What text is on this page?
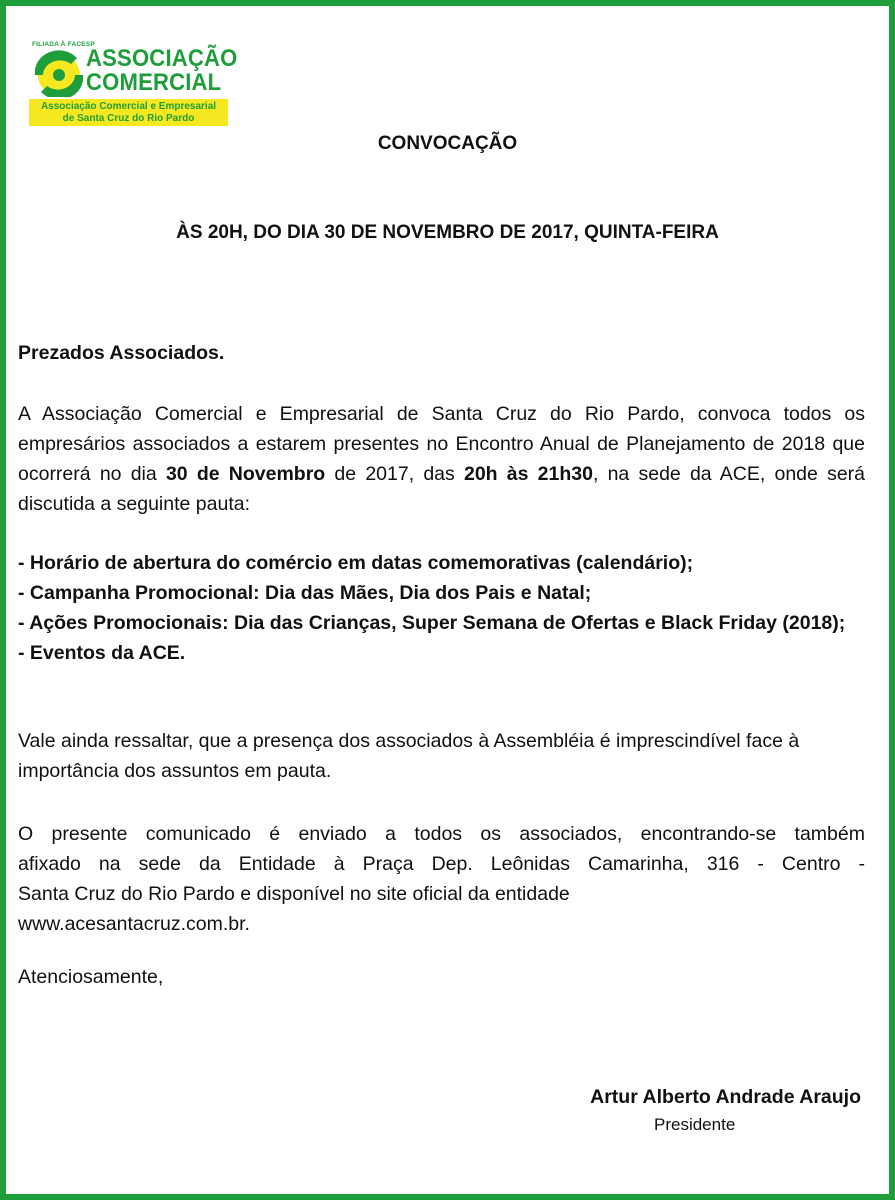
FILIADA À FACESP
ASSOCIAÇÃO
COMERCIAL
Associação Comercial e Empresarial
de Santa Cruz do Rio Pardo
CONVOCAÇÃO
ÀS 20H, DO DIA 30 DE NOVEMBRO DE 2017, QUINTA-FEIRA
Prezados Associados.
A Associação Comercial e Empresarial de Santa Cruz do Rio Pardo, convoca todos os empresários associados a estarem presentes no Encontro Anual de Planejamento de 2018 que ocorrerá no dia 30 de Novembro de 2017, das 20h às 21h30, na sede da ACE, onde será discutida a seguinte pauta:
- Horário de abertura do comércio em datas comemorativas (calendário);
- Campanha Promocional: Dia das Mães, Dia dos Pais e Natal;
- Ações Promocionais: Dia das Crianças, Super Semana de Ofertas e Black Friday (2018);
- Eventos da ACE.
Vale ainda ressaltar, que a presença dos associados à Assembléia é imprescindível face à importância dos assuntos em pauta.
O presente comunicado é enviado a todos os associados, encontrando-se também
afixado na sede da Entidade à Praça Dep. Leônidas Camarinha, 316 - Centro -
Santa Cruz do Rio Pardo e disponível no site oficial da entidade
www.acesantacruz.com.br.
Atenciosamente,
Artur Alberto Andrade Araujo
Presidente
